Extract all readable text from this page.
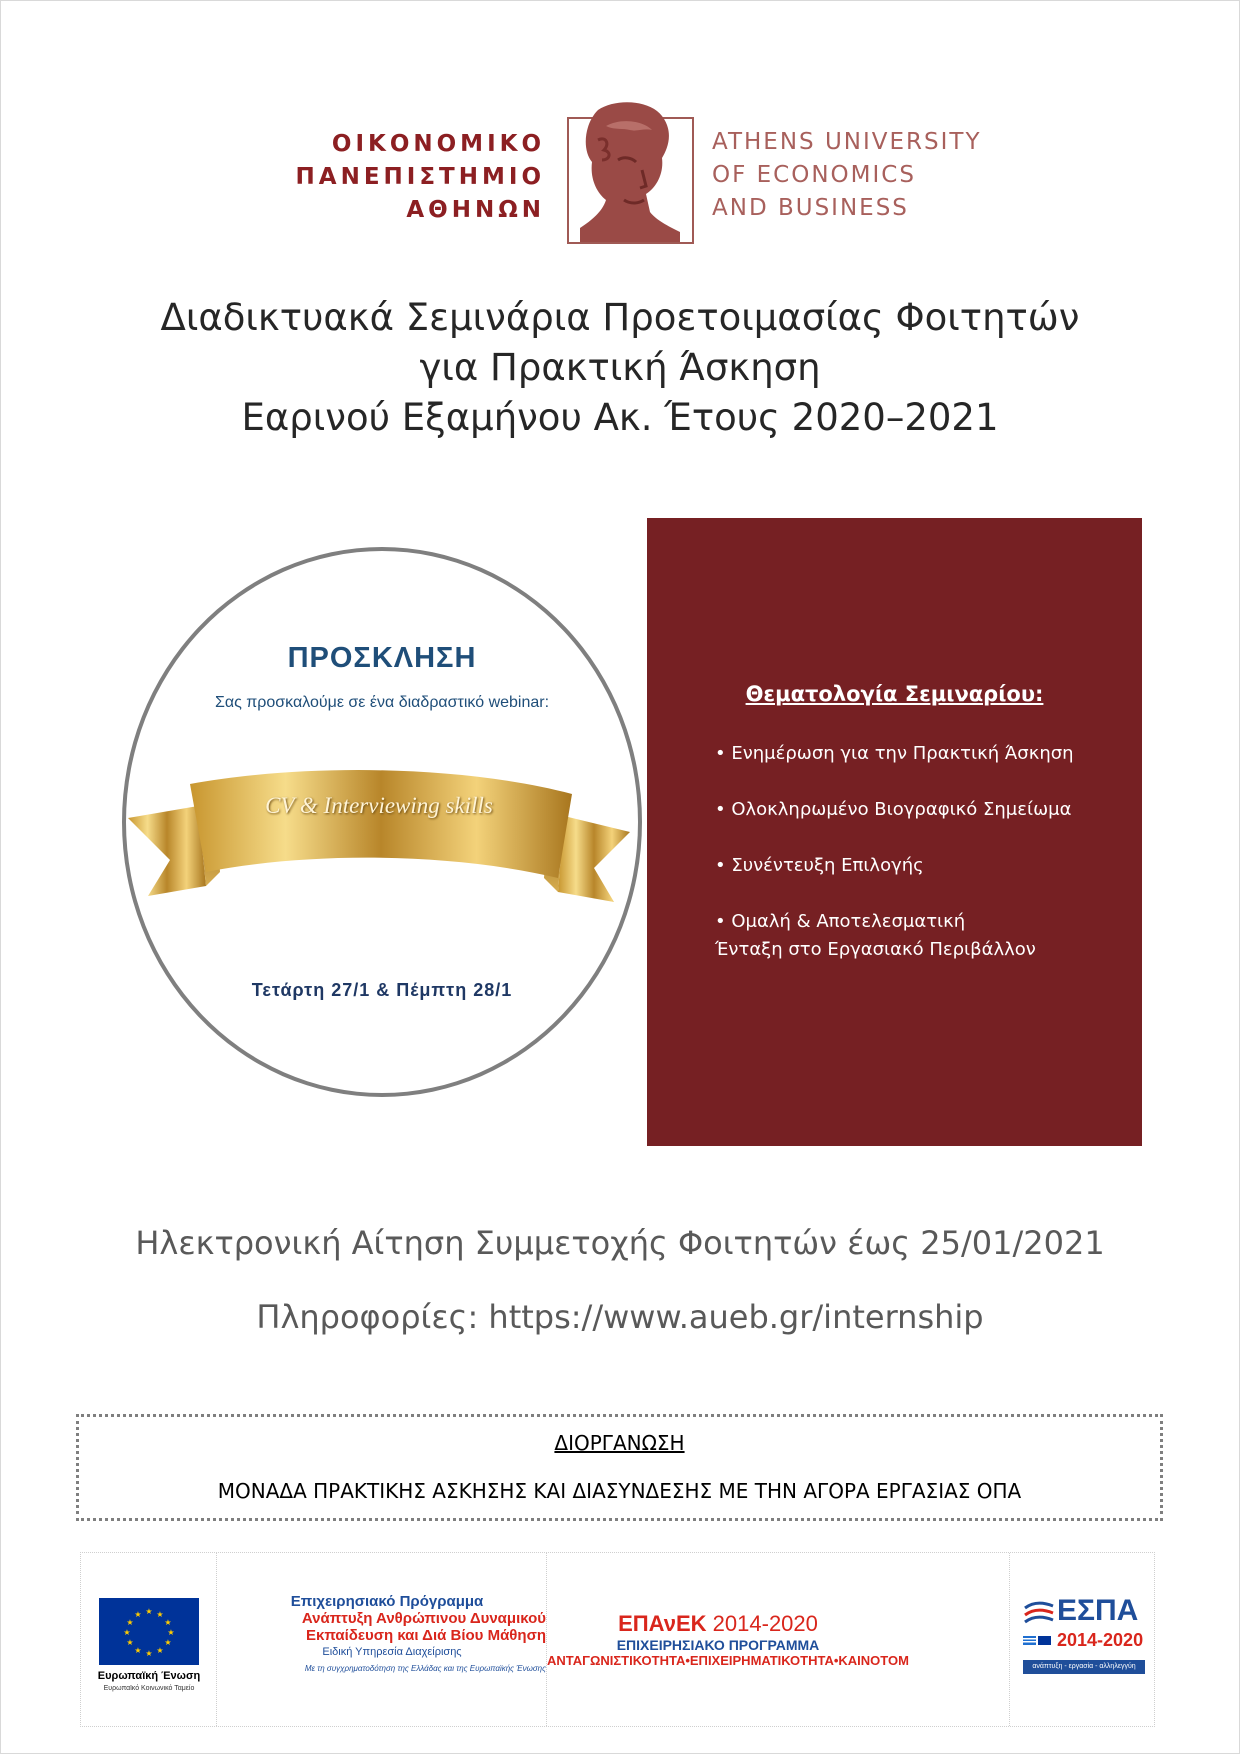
ΟΙΚΟΝΟΜΙΚΟ
ΠΑΝΕΠΙΣΤΗΜΙΟ
ΑΘΗΝΩΝ
ATHENS UNIVERSITY
OF ECONOMICS
AND BUSINESS
Διαδικτυακά Σεμινάρια Προετοιμασίας Φοιτητών
για Πρακτική Άσκηση
Εαρινού Εξαμήνου Ακ. Έτους 2020–2021
ΠΡΟΣΚΛΗΣΗ
Σας προσκαλούμε σε ένα διαδραστικό webinar:
CV & Interviewing skills
Τετάρτη 27/1 & Πέμπτη 28/1
Θεματολογία Σεμιναρίου:
• Ενημέρωση για την Πρακτική Άσκηση
• Ολοκληρωμένο Βιογραφικό Σημείωμα
• Συνέντευξη Επιλογής
• Ομαλή & Αποτελεσματική
Ένταξη στο Εργασιακό Περιβάλλον
Ηλεκτρονική Αίτηση Συμμετοχής Φοιτητών έως 25/01/2021
Πληροφορίες: https://www.aueb.gr/internship
ΔΙΟΡΓΑΝΩΣΗ
ΜΟΝΑΔΑ ΠΡΑΚΤΙΚΗΣ ΑΣΚΗΣΗΣ ΚΑΙ ΔΙΑΣΥΝΔΕΣΗΣ ΜΕ ΤΗΝ ΑΓΟΡΑ ΕΡΓΑΣΙΑΣ ΟΠΑ
★ ★
★
★
★
★
★
★
★
★
★
★
Ευρωπαϊκή Ένωση
Ευρωπαϊκό Κοινωνικό Ταμείο
Επιχειρησιακό Πρόγραμμα
Ανάπτυξη Ανθρώπινου Δυναμικού
Εκπαίδευση και Διά Βίου Μάθηση
Ειδική Υπηρεσία Διαχείρισης
Με τη συγχρηματοδότηση της Ελλάδας και της Ευρωπαϊκής Ένωσης
ΕΠΑνΕΚ 2014-2020
ΕΠΙΧΕΙΡΗΣΙΑΚΟ ΠΡΟΓΡΑΜΜΑ
ΑΝΤΑΓΩΝΙΣΤΙΚΟΤΗΤΑ•ΕΠΙΧΕΙΡΗΜΑΤΙΚΟΤΗΤΑ•ΚΑΙΝΟΤΟΜ
ΕΣΠΑ
2014-2020
ανάπτυξη - εργασία - αλληλεγγύη
